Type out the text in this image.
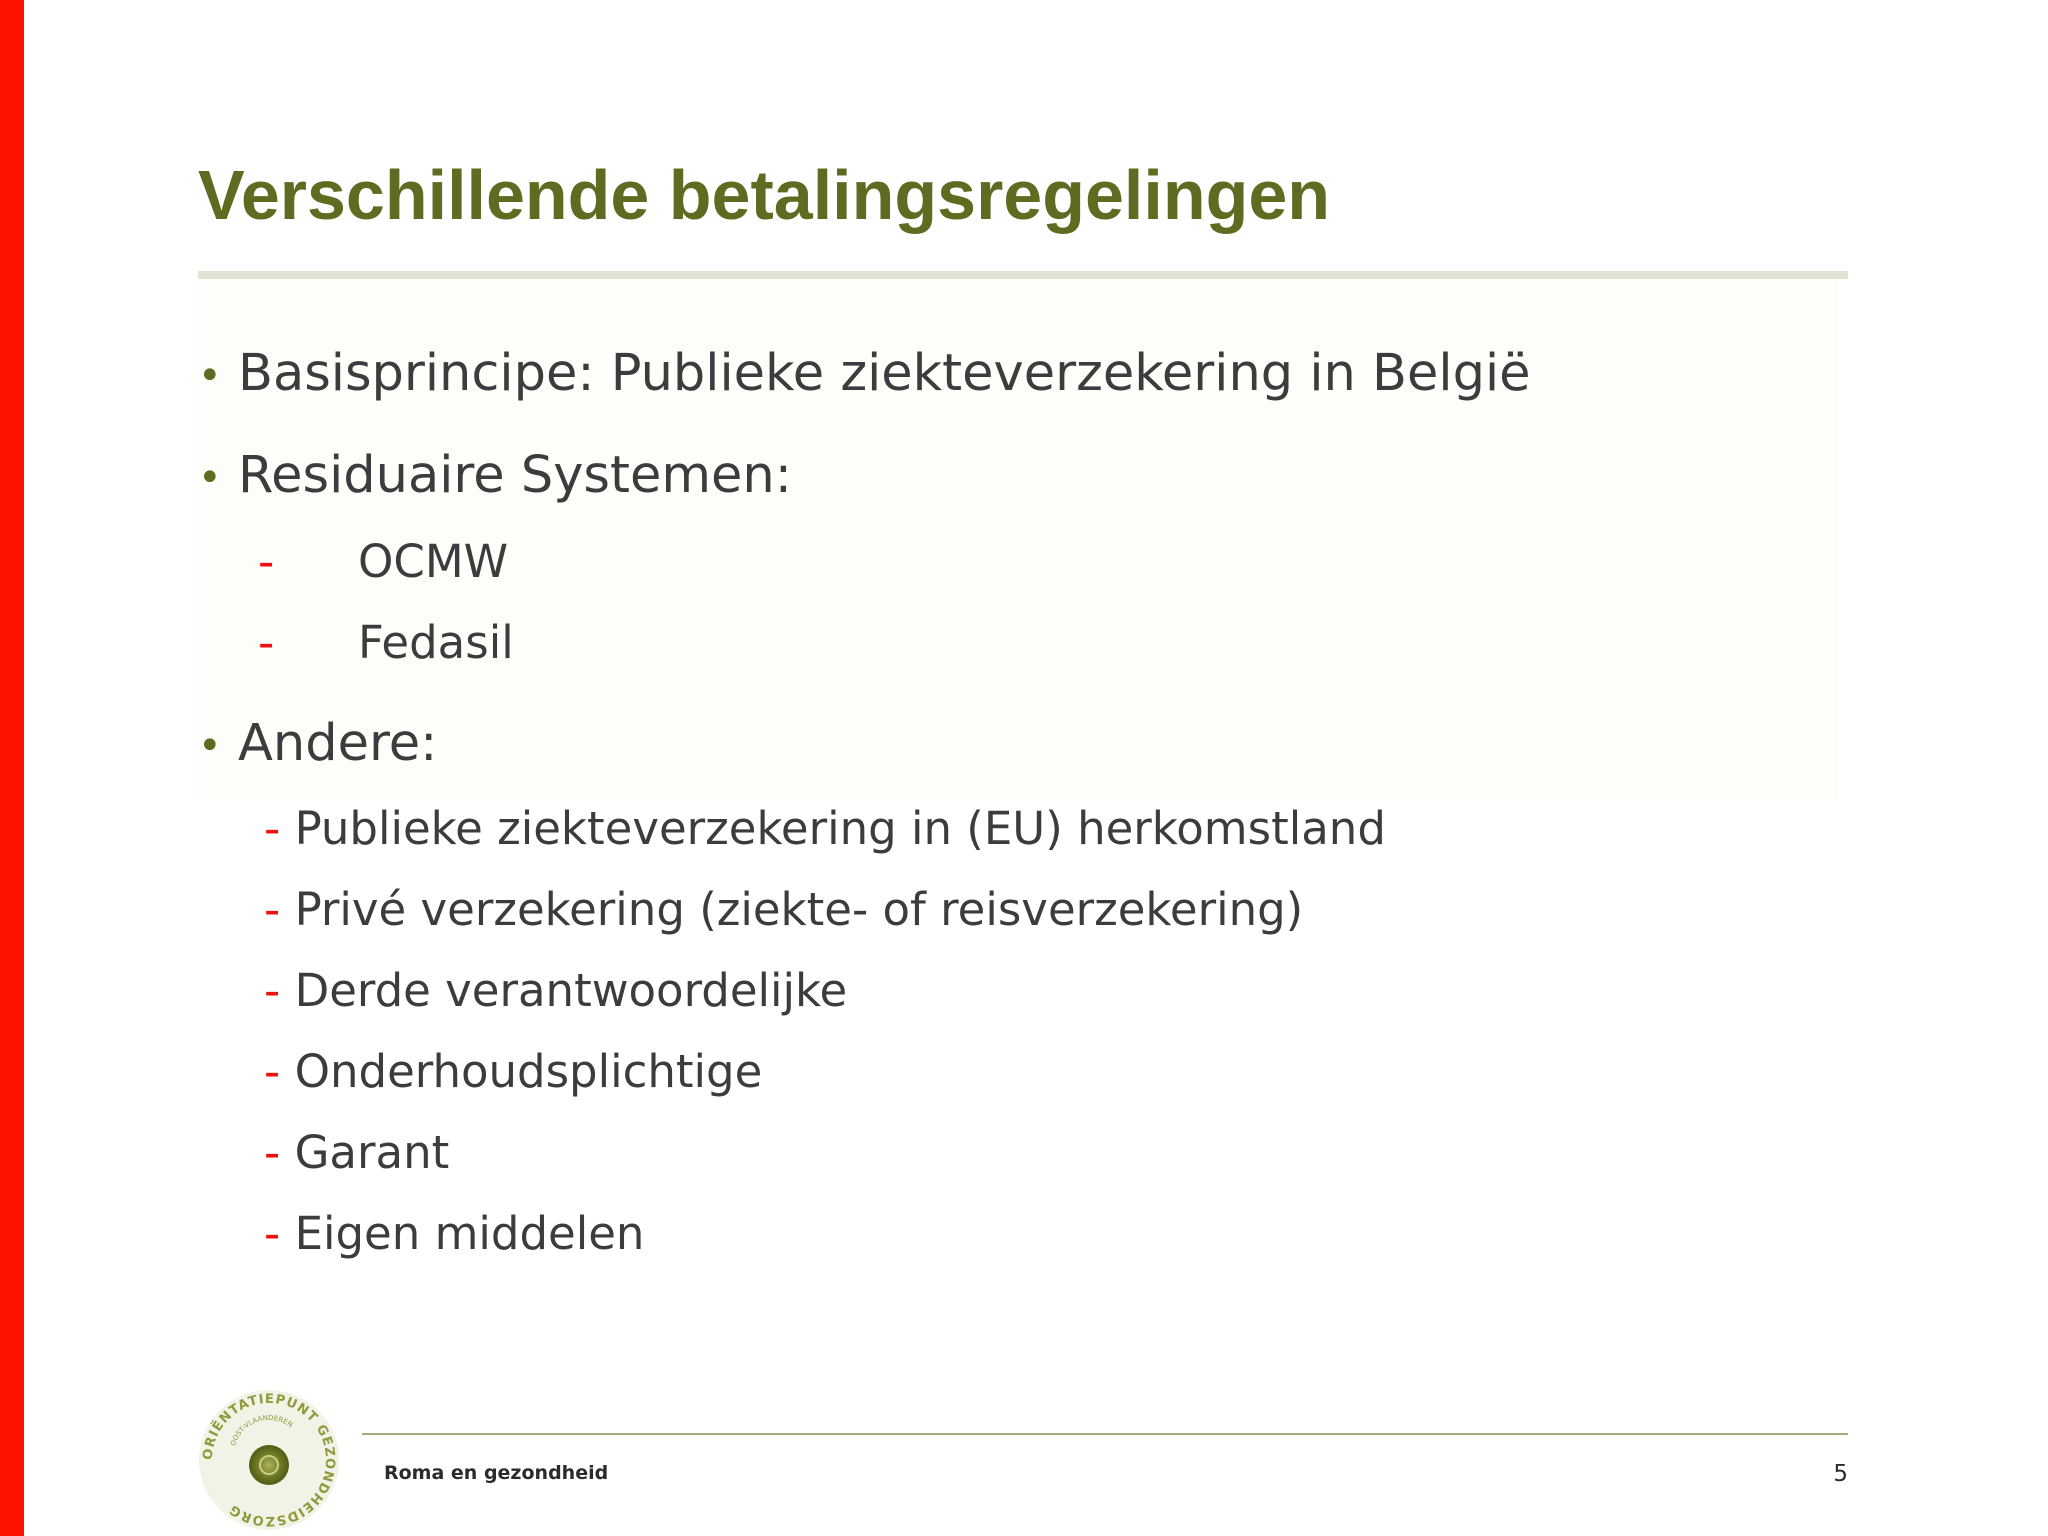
Verschillende betalingsregelingen
• Basisprincipe: Publieke ziekteverzekering in België
• Residuaire Systemen:
- OCMW
- Fedasil
• Andere:
- Publieke ziekteverzekering in (EU) herkomstland
- Privé verzekering (ziekte- of reisverzekering)
- Derde verantwoordelijke
- Onderhoudsplichtige
- Garant
- Eigen middelen
Roma en gezondheid	5
ORIËNTATIEPUNT GEZONDHEIDSZORG
OOST-VLAANDEREN
